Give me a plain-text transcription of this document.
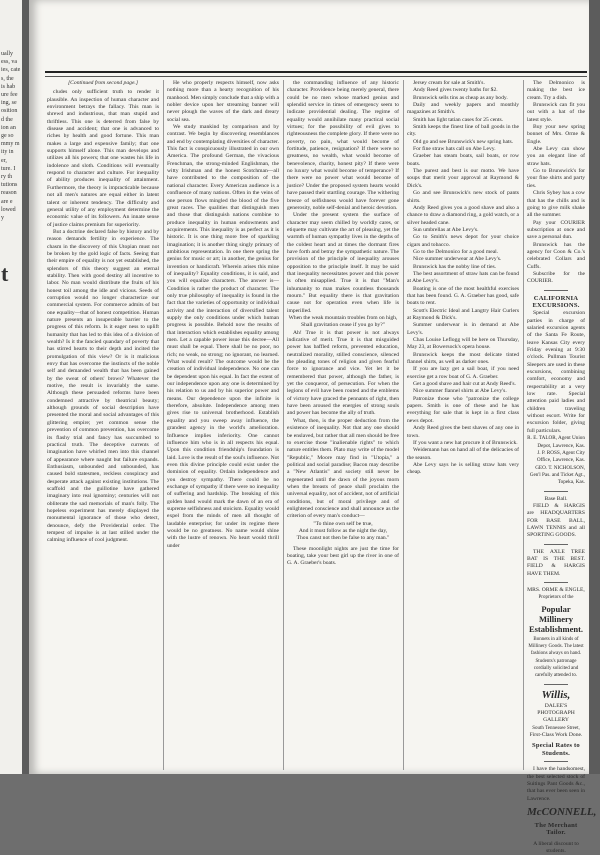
ually
ess, va
ies, cate
s, the
is hab
ure fee
ing, se
osition
d the
ion an
ge so
mmy m
ity in
er,
ture. I
ry th
tutions
reason
are e
lowed
y
t

[Continued from second page.]

cludes only sufficient truth to render it plausible. An inspection of human character and environment betrays the fallacy. This man is shrewd and industrious, that man stupid and thriftless. This one is deterred from false by disease and accident; that one is advanced to riches by health and good fortune. This man makes a large and expensive family; that one supports himself alone. This man develops and utilizes all his powers; that one wastes his life in indolence and sloth. Conditions will eventually respond to character and culture. For inequality of ability produces inequality of attainment. Furthermore, the theory is impracticable because not all men's natures are equal either in latent talent or inherent tendency. The difficulty and general utility of any employment determine the economic value of its followers. An innate sense of justice claims premium for superiority.

But a doctrine declared false by history and by reason demands fertility in experience. The chasm in the discovery of this Utopian must not be broken by the gold logic of facts. Seeing that their empire of equality is not yet established, the splendors of this theory suggest an eternal stability. Then with good destiny all incentive to labor. No man would distribute the fruits of his honest toil among the idle and vicious. Seeds of corruption would no longer characterize our commercial system. For commerce admits of but one equality—that of honest competition. Human nature presents an insuperable barrier to the progress of this reform. Is it eager ness to uplift humanity that has led to this idea of a division of wealth? Is it the fancied quandary of poverty that has stirred hearts to their depth and incited the promulgation of this view? Or is it malicious envy that has overcome the instincts of the noble self and demanded wealth that has been gained by the sweat of others' brows? Whatever the motive, the result is invariably the same. Although these persuaded reforms have been condemned attractive by theatrical beauty; although grounds of social description have presented the moral and social advantages of this glittering empire; yet common sense the prevention of common prevention, has overcome its flashy trial and fancy has succumbed to practical truth. The deceptive currents of imagination have whirled men into this channel of appearance where naught but failure expands. Enthusiasm, unbounded and unbounded, has caused bold statesmen, reckless conspiracy and desperate attack against existing institutions. The scaffold and the guillotine have gathered imaginary into real ignominy; centuries will not obliterate the sad memorials of man's folly. The hopeless experiment has merely displayed the monumental ignorance of those who detect, denounce, defy the Providential order. The tempest of impulse is at last stilled under the calming influence of cool judgment.

He who properly respects himself, now asks nothing more than a hearty recognition of his manhood. Men simply conclude that a ship with a nobler device upon her streaming banner will never plough the waves of the dark and dreary social sea.

We study mankind by comparison and by contrast. We begin by discovering resemblances and end by contemplating diversities of character. This fact is conspicuously illustrated in our own America. The profound German, the vivacious Frenchman, the strong-minded Englishman, the witty Irishman and the honest Scotchman—all have contributed to the composition of the national character. Every American audience is a confluence of many nations. Often in the veins of one person flows mingled the blood of the five great races. The qualities that distinguish men and those that distinguish nations combine to produce inequality in human endowments and acquirements. This inequality is as perfect as it is historic. It is one thing more free of sparkling imagination; it is another thing singly primary of ambitious representation. In one there spring the genius for music or art; in another, the genius for invention or handicraft. Wherein arises this mine of inequality? Equality conditions, it is said, and you will equalize characters. The answer is—Condition is rather the product of character. The only true philosophy of inequality is found in the fact that the varieties of opportunity or individual activity and the interaction of diversified talent supply the only conditions under which human progress is possible. Behold now the results of that interaction which establishes equality among men. Let a capable power issue this decree—All must shall be equal. There shall be no poor, no rich; no weak, no strong; no ignorant, no learned. What would result? The outcome would be the creation of individual independence. No one can be dependent upon his equal. In fact the extent of our independence upon any one is determined by his relation to us and by his superior power and means. Our dependence upon the infinite is therefore, absolute. Independence among men gives rise to universal brotherhood. Establish equality and you sweep away influence, the grandest agency in the world's amelioration. Influence implies inferiority. One cannot influence him who is in all respects his equal. Upon this condition friendship's foundation is laid. Love is the result of the soul's influence. Not even this divine principle could exist under the dominion of equality. Ordain independence and you destroy sympathy. There could be no exchange of sympathy if there were no inequality of suffering and hardship. The breaking of this golden band would mark the dawn of an era of supreme selfishness and stoicism. Equality would expel from the minds of men all thought of laudable enterprise; for under its regime there would be no greatness. No name would shine with the lustre of renown. No heart would thrill under

the commanding influence of any historic character. Providence being merely general, there could be no men whose marked genius and splendid service in times of emergency seem to indicate providential dealing. The regime of equality would annihilate many practical social virtues; for the possibility of evil gives to righteousness the complete glory. If there were no poverty, no pain, what would become of fortitude, patience, resignation? If there were no greatness, no wealth, what would become of benevolence, charity, honest pity? If there were no luxury what would become of temperance? If there were no power what would become of justice? Under the proposed system hearts would have passed their startling courage. The withering breeze of selfishness would have forever gone generosity, noble self-denial and heroic devotion.

Under the present system the surface of character may seem chilled by worldly cares, or etiquette may cultivate the art of pleasing, yet the warmth of human sympathy lives in the depths of the coldest heart and at times the dormant fires have forth and betray the sympathetic nature. The provision of the principle of inequality arouses opposition to the principle itself. It may be said that inequality necessitates power and this power is often misapplied. True it is that "Man's inhumanity to man makes countless thousands mourn." But equality there is that gravitation cause not for operation even when life is imperilled.

When the weak mountain troubles from on high,

Shall gravitation cease if you go by?"

Ah! True it is that power is not always indicative of merit. True it is that misguided power has baffled reform, prevented education, neutralized morality, stilled conscience, silenced the pleading tones of religion and given fearful force to ignorance and vice. Yet let it be remembered that power, although the father, is yet the conqueror, of persecution. For when the legions of evil have been routed and the emblems of victory have graced the pennants of right, then have been aroused the energies of strong souls and power has become the ally of truth.

What, then, is the proper deduction from the existence of inequality. Not that any one should be enslaved, but rather that all men should be free to exercise those "inalienable rights" to which nature entitles them. Plato may write of the model "Republic," Moore may find in "Utopia," a political and social paradise; Bacon may describe a "New Atlantis" and society still never be regenerated until the dawn of the joyous morn when the breasts of peace shall proclaim the universal equality, not of accident, not of artificial conditions, but of moral privilege and of enlightened conscience and shall announce as the criterion of every man's conduct—

"To thine own self be true,

And it must follow as the night the day,

Thou canst not then be false to any man."

These moonlight nights are just the time for boating, take your best girl up the river in one of G. A. Graeber's boats.

Jersey cream for sale at Smith's.

Andy Reed gives twenty baths for $2.

Brunswick sells tins as cheap as any body.

Daily and weekly papers and monthly magazines at Smith's.

Smith has light tatian cases for 25 cents.

Smith keeps the finest line of ball goods in the city.

Old go and see Brunswick's new spring hats.

For fine straw hats call on Abe Levy.

Graeber has steam boats, sail boats, or row boats.

The purest and best is our motto. We have soups that merit your approval at Raymond & Dick's.

Go and see Brunswick's new stock of pants shirts.

Andy Reed gives you a good shave and also a chance to draw a diamond ring, a gold watch, or a silver headed cane.

Sun umbrellas at Abe Levy's.

Go to Smith's news depot for your choice cigars and tobacco.

Go to the Delmonico for a good meal.

Nice summer underwear at Abe Levy's.

Brunswick has the nobby line of ties.

The best assortment of straw hats can be found at Abe Levy's.

Boating is one of the most healthful exercises that has been found. G. A. Graeber has good, safe boats to rent.

Scott's Electric Ideal and Langtry Hair Curlers at Raymond & Dick's.

Summer underwear is in demand at Abe Levy's.

Chas Louise Leflogg will be here on Thursday, May 23, at Bowersock's opera house.

Brunswick keeps the most delicate tinted flannel shirts, as well as darker ones.

If you are lazy get a sail boat, if you need exercise get a row boat of G. A. Graeber.

Get a good shave and hair cut at Andy Reed's.

Nice summer flannel shirts at Abe Levy's.

Patronize those who "patronize the college papers. Smith is one of these and he has everything for sale that is kept in a first class news depot.

Andy Reed gives the best shaves of any one in town.

If you want a new hat procure it of Brunswick.

Weidemann has on hand all of the delicacies of the season.

Abe Levy says he is selling straw hats very cheap.

The Delmonico is making the best ice cream. Try a dish.

Brunswick can fit you out with a hat of the latest style.

Buy your new spring bonnet of Mrs. Orme & Engle.

Abe Levy can show you an elegant line of straw hats.

Go to Brunswick's for your fine shirts and party ties.

Chris Sybey has a cow that has the chills and is going to give milk shake all the summer.

Pay your COURIER subscription at once and save a personal dun.

Brunswick has the agency for Coon & Co.'s celebrated Collars and Cuffs.

Subscribe for the COURIER.

CALIFORNIA EXCURSIONS.

Special excursion parties in charge of salaried excursion agents of the Santa Fe Route, leave Kansas City every Friday evening at 9:30 o'clock. Pullman Tourist Sleepers are used in these excursions, combining comfort, economy and respectability at a very low rate. Special attention paid ladies and children traveling without escort. Write for excursion folder, giving full particulars.

R. E. TALOR, Agent Union Depot, Lawrence, Kas.

J. P. ROSS, Agent City Office, Lawrence, Kas.

GEO. T. NICHOLSON, Gen'l Pas. and Ticket Agt., Topeka, Kas.

Base Ball.

FIELD & HARGIS are HEADQUARTERS FOR BASE BALL, LAWN TENNIS and all SPORTING GOODS.

THE AXLE TREE BAT IS THE BEST. FIELD & HARGIS HAVE THEM.

MRS. ORME & ENGLE,

Proprietors of the

Popular Millinery Establishment.

Bonnets in all kinds of Millinery Goods. The latest fashions always on hand. Students's patronage cordially solicited and carefully attended to.

Willis,

DALEE'S PHOTOGRAPH GALLERY

South Tennessee Street,

First-Class Work Done.

Special Rates to Students.

I have the handsomest, the best selected stock of Suitings Pant Goods &c., that has ever been seen in Lawrence.

McCONNELL,

The Merchant Tailor.

A liberal discount to students.
